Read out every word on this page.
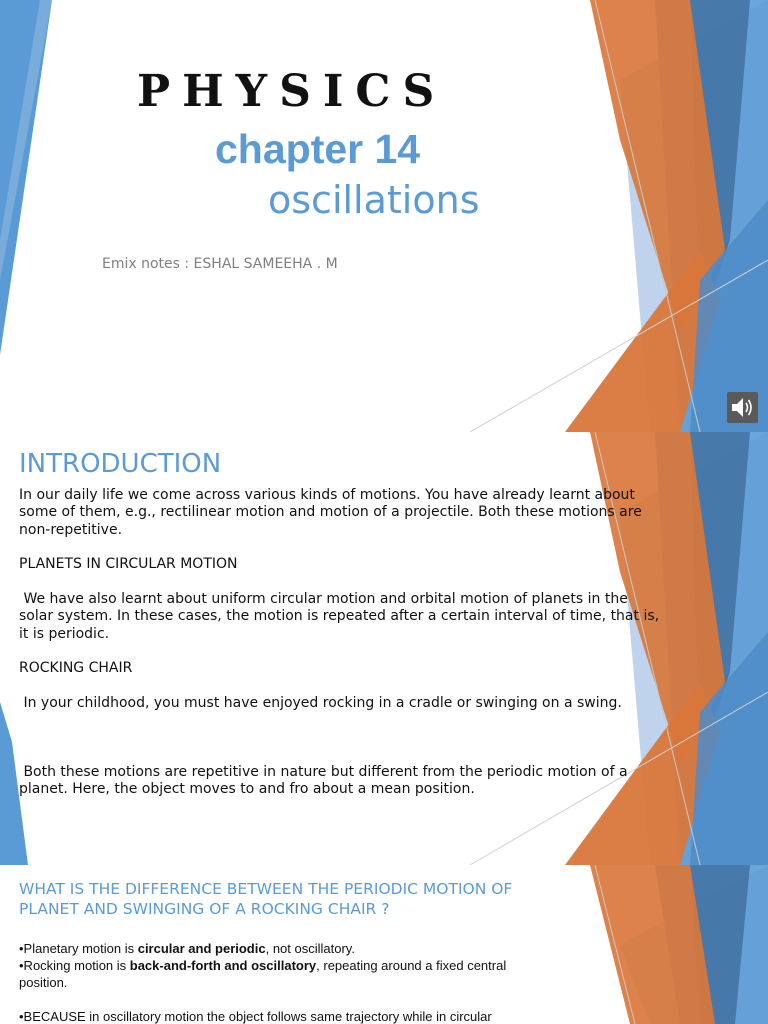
PHYSICS
chapter 14
oscillations
Emix notes : ESHAL SAMEEHA . M
INTRODUCTION
In our daily life we come across various kinds of motions. You have already learnt about some of them, e.g., rectilinear motion and motion of a projectile. Both these motions are non-repetitive.
PLANETS IN CIRCULAR MOTION
We have also learnt about uniform circular motion and orbital motion of planets in the solar system. In these cases, the motion is repeated after a certain interval of time, that is, it is periodic.
ROCKING CHAIR
In your childhood, you must have enjoyed rocking in a cradle or swinging on a swing.
Both these motions are repetitive in nature but different from the periodic motion of a planet. Here, the object moves to and fro about a mean position.
WHAT IS THE DIFFERENCE BETWEEN THE PERIODIC MOTION OF PLANET AND SWINGING OF A ROCKING CHAIR ?
•Planetary motion is circular and periodic, not oscillatory.
•Rocking motion is back-and-forth and oscillatory, repeating around a fixed central position.
•BECAUSE in oscillatory motion the object follows same trajectory while in circular
